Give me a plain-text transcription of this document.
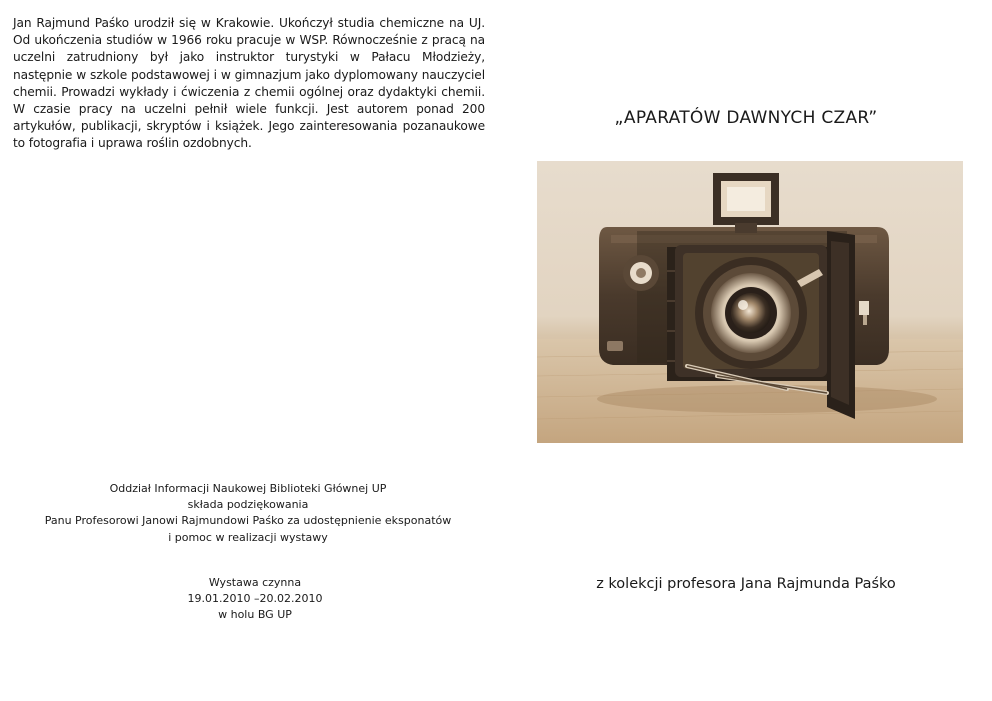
Jan Rajmund Paśko urodził się w Krakowie. Ukończył studia chemiczne na UJ. Od ukończenia studiów w 1966 roku pracuje w WSP. Równocześnie z pracą na uczelni zatrudniony był jako instruktor turystyki w Pałacu Młodzieży, następnie w szkole podstawowej i w gimnazjum jako dyplomowany nauczyciel chemii. Prowadzi wykłady i ćwiczenia z chemii ogólnej oraz dydaktyki chemii. W czasie pracy na uczelni pełnił wiele funkcji. Jest autorem ponad 200 artykułów, publikacji, skryptów i książek. Jego zainteresowania pozanaukowe to fotografia i uprawa roślin ozdobnych.

Oddział Informacji Naukowej Biblioteki Głównej UP
składa podziękowania
Panu Profesorowi Janowi Rajmundowi Paśko za udostępnienie eksponatów
i pomoc w realizacji wystawy
Wystawa czynna
19.01.2010 –20.02.2010
w holu BG UP
„APARATÓW DAWNYCH CZAR”
z kolekcji profesora Jana Rajmunda Paśko
